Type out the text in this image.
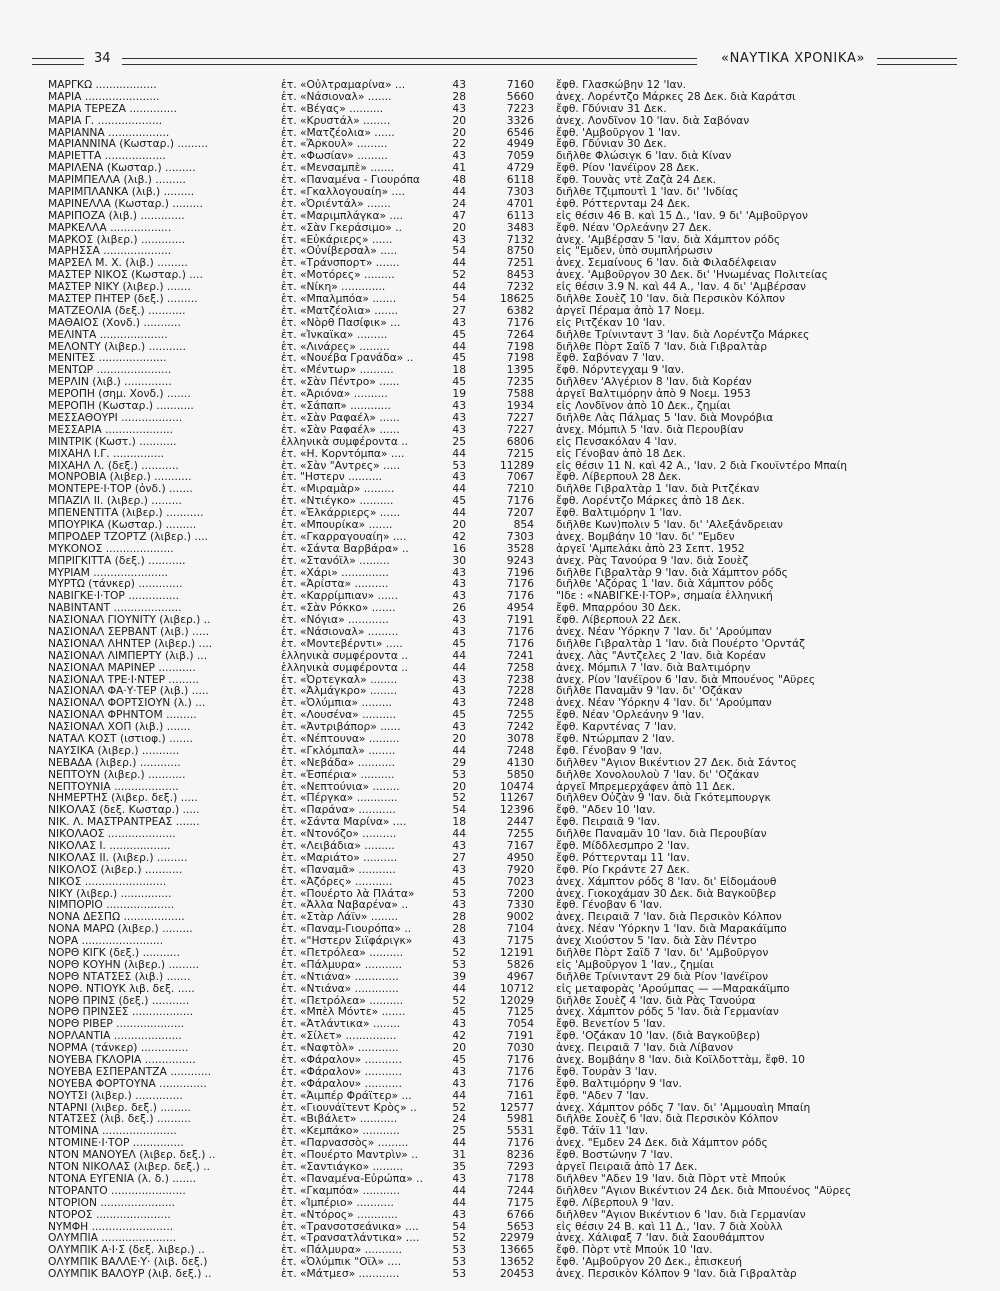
34	«ΝΑΥΤΙΚΑ ΧΡΟΝΙΚΑ»
ΜΑΡΓΚΩ ..................	ἑτ. «Οὐλτραμαρίνα» ...	43	7160 ἔφθ. Γλασκώβην 12 'Ιαν.
ΜΑΡΙΑ ......................	ἑτ. «Νάσιοναλ» .......	28	5660 ἀνεχ. Λορέντζο Μάρκες 28 Δεκ. διὰ Καράτσι
ΜΑΡΙΑ ΤΕΡΕΖΑ ..............	ἑτ. «Βέγας» ..........	43	7223 ἔφθ. Γδύνιαν 31 Δεκ.
ΜΑΡΙΑ Γ. ...................	ἑτ. «Κρυστάλ» ........	20	3326 ἀνεχ. Λονδῖνον 10 'Ιαν. διὰ Σαβόναν
ΜΑΡΙΑΝΝΑ ..................	ἑτ. «Ματζέολια» ......	20	6546 ἔφθ. 'Αμβοῦργον 1 'Ιαν.
ΜΑΡΙΑΝΝΙΝΑ (Κωσταρ.) .........	ἑτ. «Ἄρκουλ» .........	22	4949 ἔφθ. Γδύνιαν 30 Δεκ.
ΜΑΡΙΕΤΤΑ ..................	ἑτ. «Φωσίαν» .........	43	7059 διῆλθε Φλώσιγκ 6 'Ιαν. διὰ Κίναν
ΜΑΡΙΛΕΝΑ (Κωσταρ.) .........	ἑτ. «Μενσαμπὲ» .......	41	4729 ἔφθ. Ρίον 'Ιανέϊρον 28 Δεκ.
ΜΑΡΙΜΠΕΛΛΑ (λιβ.) .........	ἑτ. «Παναμένα - Γιουρόπα	48	6118 ἔφθ. Τουνὰς ντὲ Ζαζὰ 24 Δεκ.
ΜΑΡΙΜΠΛΑΝΚΑ (λιβ.) .........	ἑτ. «Γκαλλογουαίη» ....	44	7303 διῆλθε Τζιμπουτὶ 1 'Ιαν. δι' 'Ινδίας
ΜΑΡΙΝΕΛΛΑ (Κωσταρ.) .........	ἑτ. «Ὀριέντάλ» .......	24	4701 ἐφθ. Ρόττερνταμ 24 Δεκ.
ΜΑΡΙΠΟΖΑ (λιβ.) .............	ἑτ. «Μαριμπλάγκα» ....	47	6113 εἰς θέσιν 46 Β. καὶ 15 Δ., 'Ιαν. 9 δι' 'Αμβοῦργον
ΜΑΡΚΕΛΛΑ ..................	ἑτ. «Σὰν Γκεράσιμο» ..	20	3483 ἔφθ. Νέαν 'Ορλεάνην 27 Δεκ.
ΜΑΡΚΟΣ (λιβερ.) .............	ἑτ. «Εὐκάριερς» ......	43	7132 ἀνεχ. 'Αμβέρσαν 5 'Ιαν. διὰ Χάμπτον ρόδς
ΜΑΡΗΣΣΑ ....................	ἑτ. «Οὐνίβερσαλ» .....	54	8750 εἰς "Εμδεν, ὑπὸ συμπλήρωσιν
ΜΑΡΣΕΛ Μ. Χ. (λιβ.) .........	ἑτ. «Τράνσπορτ» .......	44	7251 ἀνεχ. Σεμαίνους 6 'Ιαν. διὰ Φιλαδέλφειαν
ΜΑΣΤΕΡ ΝΙΚΟΣ (Κωσταρ.) ....	ἑτ. «Μοτόρες» .........	52	8453 ἀνεχ. 'Αμβοῦργον 30 Δεκ. δι' 'Ηνωμένας Πολιτείας
ΜΑΣΤΕΡ ΝΙΚΥ (λιβερ.) .......	ἑτ. «Νίκη» .............	44	7232 εἰς θέσιν 3.9 Ν. καὶ 44 Α., 'Ιαν. 4 δι' 'Αμβέρσαν
ΜΑΣΤΕΡ ΠΗΤΕΡ (δεξ.) .........	ἑτ. «Μπαλμπόα» .......	54	18625 διῆλθε Σουὲζ 10 'Ιαν. διὰ Περσικὸν Κόλπον
ΜΑΤΖΕΟΛΙΑ (δεξ.) ...........	ἑτ. «Ματζέολια» .......	27	6382 ἀργεῖ Πέραμα ἀπὸ 17 Νοεμ.
ΜΑΘΑΙΟΣ (Χονδ.) ...........	ἑτ. «Νὸρθ Πασίφικ» ...	43	7176 εἰς Ριτζέκαν 10 'Ιαν.
ΜΕΛΙΝΤΑ ....................	ἑτ. «Ἰνκαϊκα» .........	45	7264 διῆλθε Τρίνινταντ 3 'Ιαν. διὰ Λορέντζο Μάρκες
ΜΕΛΟΝΤΥ (λιβερ.) ...........	ἑτ. «Λινάρες» .........	44	7198 διῆλθε Πὸρτ Σαΐδ 7 'Ιαν. διὰ Γιβραλτὰρ
ΜΕΝΙΤΕΣ ....................	ἑτ. «Νουέβα Γρανάδα» ..	45	7198 ἔφθ. Σαβόναν 7 'Ιαν.
ΜΕΝΤΩΡ ......................	ἑτ. «Μέντωρ» ..........	18	1395 ἔφθ. Νόρντεγχαμ 9 'Ιαν.
ΜΕΡΛΙΝ (λιβ.) ..............	ἑτ. «Σὰν Πέντρο» ......	45	7235 διῆλθεν 'Αλγέριον 8 'Ιαν. διὰ Κορέαν
ΜΕΡΟΠΗ (σημ. Χονδ.) .......	ἑτ. «Ἀριόνα» ..........	19	7588 ἀργεῖ Βαλτιμόρην ἀπὸ 9 Νοεμ. 1953
ΜΕΡΟΠΗ (Κωσταρ.) ...........	ἑτ. «Σάπαπ» ............	43	1934 εἰς Λονδῖνον ἀπὸ 10 Δεκ., ζημίαι
ΜΕΣΣΑΘΟΥΡΙ ..................	ἑτ. «Σὰν Ραφαέλ» ......	43	7227 διῆλθε Λὰς Πάλμας 5 'Ιαν. διὰ Μονρόβια
ΜΕΣΣΑΡΙΑ ....................	ἑτ. «Σὰν Ραφαέλ» ......	43	7227 ἀνεχ. Μόμπιλ 5 'Ιαν. διὰ Περουβίαν
ΜΙΝΤΡΙΚ (Κωστ.) ...........	ἑλληνικὰ συμφέροντα ..	25	6806 εἰς Πενσακόλαν 4 'Ιαν.
ΜΙΧΑΗΛ Ι.Γ. ...............	ἑτ. «Η. Κορντόμπα» ....	44	7215 εἰς Γένοβαν ἀπὸ 18 Δεκ.
ΜΙΧΑΗΛ Λ. (δεξ.) ...........	ἑτ. «Σὰν "Αντρες» .....	53	11289 εἰς θέσιν 11 Ν. καὶ 42 Α., 'Ιαν. 2 διὰ Γκουϊντέρο Μπαίη
ΜΟΝΡΟΒΙΑ (λιβερ.) ...........	ἑτ. "Ηστερν ..........	43	7067 ἔφθ. Λίβερπουλ 28 Δεκ.
ΜΟΝΤΕΡΕ·Ι·ΤΟΡ (ὀνδ.) .......	ἑτ. «Μιραμὰρ» .........	44	7210 διῆλθε Γιβραλτὰρ 1 'Ιαν. διὰ Ριτζέκαν
ΜΠΑΖΙΛ ΙΙ. (λιβερ.) .........	ἑτ. «Ντιέγκο» ..........	45	7176 ἔφθ. Λορέντζο Μάρκες ἀπὸ 18 Δεκ.
ΜΠΕΝΕΝΤΙΤΑ (λιβερ.) ...........	ἑτ. «Ἑλκάρριερς» ......	44	7207 ἔφθ. Βαλτιμόρην 1 'Ιαν.
ΜΠΟΥΡΙΚΑ (Κωσταρ.) .........	ἑτ. «Μπουρίκα» .......	20	854 διῆλθε Κων)πολιν 5 'Ιαν. δι' 'Αλεξάνδρειαν
ΜΠΡΟΔΕΡ ΤΖΟΡΤΖ (λιβερ.) ....	ἑτ. «Γκαρραγουαίη» ....	42	7303 ἀνεχ. Βομβάην 10 'Ιαν. δι' "Εμδεν
ΜΥΚΟΝΟΣ ....................	ἑτ. «Σάντα Βαρβάρα» ..	16	3528 ἀργεῖ 'Αμπελάκι ἀπὸ 23 Σεπτ. 1952
ΜΠΡΙΓΚΙΤΤΑ (δεξ.) ...........	ἑτ. «Στανόϊλ» .........	30	9243 ἀνεχ. Ρὰς Τανούρα 9 'Ιαν. διὰ Σουὲζ
ΜΥΡΙΑΜ ......................	ἑτ. «Χάρι» ..............	43	7196 διῆλθε Γιβραλτὰρ 9 'Ιαν. διὰ Χάμπτον ρόδς
ΜΥΡΤΩ (τάνκερ) .............	ἑτ. «Ἀρίστα» ..........	43	7176 διῆλθε 'Αζόρας 1 'Ιαν. διὰ Χάμπτον ρόδς
ΝΑΒΙΓΚΕ·Ι·ΤΟΡ ...............	ἑτ. «Καρρίμπιαν» ......	43	7176 "Ιδε : «ΝΑΒΙΓΚΕ·Ι·ΤΟΡ», σημαία ἑλληνική
ΝΑΒΙΝΤΑΝΤ ....................	ἑτ. «Σὰν Ρόκκο» .......	26	4954 ἔφθ. Μπαρρόου 30 Δεκ.
ΝΑΣΙΟΝΑΛ ΓΙΟΥΝΙΤΥ (λιβερ.) ..	ἑτ. «Νόγια» ............	43	7191 ἔφθ. Λίβερπουλ 22 Δεκ.
ΝΑΣΙΟΝΑΛ ΣΕΡΒΑΝΤ (λιβ.) .....	ἑτ. «Νάσιοναλ» .........	43	7176 ἀνεχ. Νέαν 'Υόρκην 7 'Ιαν. δι' 'Αρούμπαν
ΝΑΣΙΟΝΑΛ ΛΗΝΤΕΡ (λιβερ.) ....	ἑτ. «Μοντεβέρντι» .....	45	7176 διῆλθε Γιβραλτὰρ 1 'Ιαν. διὰ Πουέρτο 'Ορντάζ
ΝΑΣΙΟΝΑΛ ΛΙΜΠΕΡΤΥ (λιβ.) ...	ἑλληνικὰ συμφέροντα ..	44	7241 ἀνεχ. Λὰς "Αντζελες 2 'Ιαν. διὰ Κορέαν
ΝΑΣΙΟΝΑΛ ΜΑΡΙΝΕΡ ...........	ἑλληνικὰ συμφέροντα ..	44	7258 ἀνεχ. Μόμπιλ 7 'Ιαν. διὰ Βαλτιμόρην
ΝΑΣΙΟΝΑΛ ΤΡΕ·Ι·ΝΤΕΡ .........	ἑτ. «Ὀρτεγκαλ» ........	43	7238 ἀνεχ. Ρίον 'Ιανέϊρον 6 'Ιαν. διὰ Μπουένος "Αϋρες
ΝΑΣΙΟΝΑΛ ΦΑ·Υ·ΤΕΡ (λιβ.) .....	ἑτ. «Ἀλμάγκρο» ........	43	7228 διῆλθε Παναμᾶν 9 'Ιαν. δι' 'Οζάκαν
ΝΑΣΙΟΝΑΛ ΦΟΡΤΣΙΟΥΝ (λ.) ...	ἑτ. «Ὀλύμπια» .........	43	7248 ἀνεχ. Νέαν 'Υόρκην 4 'Ιαν. δι' 'Αρούμπαν
ΝΑΣΙΟΝΑΛ ΦΡΗΝΤΟΜ .........	ἑτ. «Λουσένα» ..........	45	7255 ἔφθ. Νέαν 'Ορλεάνην 9 'Ιαν.
ΝΑΣΙΟΝΑΛ ΧΟΠ (λιβ.) .......	ἑτ. «Ἀντριβάπορ» ......	43	7242 ἔφθ. Καρντένας 7 'Ιαν.
ΝΑΤΑΛ ΚΟΣΤ (ιστιοφ.) .......	ἑτ. «Νέπτουνα» .........	20	3078 ἔφθ. Ντώρμπαν 2 'Ιαν.
ΝΑΥΣΙΚΑ (λιβερ.) ...........	ἑτ. «Γκλόμπαλ» ........	44	7248 ἔφθ. Γένοβαν 9 'Ιαν.
ΝΕΒΑΔΑ (λιβερ.) ............	ἑτ. «Νεβάδα» ...........	29	4130 διῆλθεν "Αγιον Βικέντιον 27 Δεκ. διὰ Σάντος
ΝΕΠΤΟΥΝ (λιβερ.) ...........	ἑτ. «Ἑσπέρια» ..........	53	5850 διῆλθε Χονολουλοὺ 7 'Ιαν. δι' 'Οζάκαν
ΝΕΠΤΟΥΝΙΑ ...................	ἑτ. «Νεπτούνια» ........	20	10474 ἀργεῖ Μπρεμερχάφεν ἀπὸ 11 Δεκ.
ΝΗΜΕΡΤΗΣ (λιβερ. δεξ.) .....	ἑτ. «Πέργκα» ............	52	11267 διῆλθεν Οὐζὰν 9 'Ιαν. διὰ Γκότεμπουργκ
ΝΙΚΟΛΑΣ (δεξ. Κωσταρ.) .....	ἑτ. «Παράνα» ...........	54	12396 ἔφθ. "Αδεν 10 'Ιαν.
ΝΙΚ. Λ. ΜΑΣΤΡΑΝΤΡΕΑΣ .......	ἑτ. «Σάντα Μαρίνα» ....	18	2447 ἔφθ. Πειραιᾶ 9 'Ιαν.
ΝΙΚΟΛΑΟΣ ....................	ἑτ. «Ντονόζο» ..........	44	7255 διῆλθε Παναμᾶν 10 'Ιαν. διὰ Περουβίαν
ΝΙΚΟΛΑΣ Ι. ..................	ἑτ. «Λειβάδια» .........	43	7167 ἔφθ. Μίδδλεσμπρο 2 'Ιαν.
ΝΙΚΟΛΑΣ ΙΙ. (λιβερ.) .........	ἑτ. «Μαριάτο» ..........	27	4950 ἔφθ. Ρόττερνταμ 11 'Ιαν.
ΝΙΚΟΛΟΣ (λιβερ.) ...........	ἑτ. «Παναμᾶ» ...........	43	7920 ἔφθ. Ρίο Γκράντε 27 Δεκ.
ΝΙΚΟΣ ........................	ἑτ. «Ἀζόρες» ...........	45	7023 ἀνεχ. Χάμπτον ρόδς 8 'Ιαν. δι' Εἰδομάουθ
ΝΙΚΥ (λιβερ.) ...............	ἑτ. «Πουέρτο λὰ Πλάτα»	53	7200 ἀνεχ. Γιοκοχάμαν 30 Δεκ. διὰ Βαγκοῦβερ
ΝΙΜΠΟΡΙΟ ....................	ἑτ. «Ἀλλα Ναβαρένα» ..	43	7330 ἔφθ. Γένοβαν 6 'Ιαν.
ΝΟΝΑ ΔΕΣΠΩ ..................	ἑτ. «Στὰρ Λάϊν» ........	28	9002 ἀνεχ. Πειραιᾶ 7 'Ιαν. διὰ Περσικὸν Κόλπον
ΝΟΝΑ ΜΑΡΩ (λιβερ.) .........	ἑτ. «Παναμ-Γιουρόπα» ..	28	7104 ἀνεχ. Νέαν 'Υόρκην 1 'Ιαν. διὰ Μαρακάϊμπο
ΝΟΡΑ ........................	ἑτ. «"Ηστερν Σιϊφάριγκ»	43	7175 ἀνεχ Χιούστον 5 'Ιαν. διὰ Σὰν Πέντρο
ΝΟΡΘ ΚΙΓΚ (δεξ.) ...........	ἑτ. «Πετρόλεα» ..........	52	12191 διῆλθε Πὸρτ Σαΐδ 7 'Ιαν. δι' 'Αμβοῦργον
ΝΟΡΘ ΚΟΥΗΝ (λιβερ.) .........	ἑτ. «Πάλμυρα» ...........	53	5826 εἰς 'Αμβοῦργον 1 'Ιαν., ζημίαι
ΝΟΡΘ ΝΤΑΤΣΕΣ (λιβ.) .......	ἑτ. «Ντιάνα» .............	39	4967 διῆλθε Τρίνινταντ 29 διὰ Ρίον 'Ιανέϊρον
ΝΟΡΘ. ΝΤΙΟΥΚ λιβ. δεξ. .....	ἑτ. «Ντιάνα» .............	44	10712 εἰς μεταφορὰς 'Αρούμπας — —Μαρακάϊμπο
ΝΟΡΘ ΠΡΙΝΣ (δεξ.) ...........	ἑτ. «Πετρόλεα» ..........	52	12029 διῆλθε Σουὲζ 4 'Ιαν. διὰ Ρὰς Τανούρα
ΝΟΡΘ ΠΡΙΝΣΕΣ ..................	ἑτ. «Μπὲλ Μόντε» .......	45	7125 ἀνεχ. Χάμπτον ρόδς 5 'Ιαν. διὰ Γερμανίαν
ΝΟΡΘ ΡΙΒΕΡ ....................	ἑτ. «Ἀτλάντικα» ........	43	7054 ἔφθ. Βενετίον 5 'Ιαν.
ΝΟΡΛΑΝΤΙΑ ....................	ἑτ. «Σίλετ» ...............	42	7191 ἔφθ. 'Οζάκαν 10 'Ιαν. (διὰ Βαγκοῦβερ)
ΝΟΡΜΑ (τάνκερ) ..............	ἑτ. «Ναφτὸλ» ............	20	7030 ἀνεχ. Πειραιᾶ 7 'Ιαν. διὰ Λίβανον
ΝΟΥΕΒΑ ΓΚΛΟΡΙΑ ...............	ἑτ. «Φάραλον» ...........	45	7176 ἀνεχ. Βομβάην 8 'Ιαν. διὰ Κοϊλδοττὰμ, ἔφθ. 10
ΝΟΥΕΒΑ ΕΣΠΕΡΑΝΤΖΑ ............	ἑτ. «Φάραλον» ...........	43	7176 ἔφθ. Τουρὰν 3 'Ιαν.
ΝΟΥΕΒΑ ΦΟΡΤΟΥΝΑ ..............	ἑτ. «Φάραλον» ...........	43	7176 ἔφθ. Βαλτιμόρην 9 'Ιαν.
ΝΟΥΤΣΙ (λιβερ.) ..............	ἑτ. «Ἀιμπέρ Φράϊτερ» ...	44	7161 ἔφθ. "Αδεν 7 'Ιαν.
ΝΤΑΡΝΙ (λιβερ. δεξ.) .........	ἑτ. «Γιουνάϊτεντ Κρὸς» ..	52	12577 ἀνεχ. Χάμπτον ρόδς 7 'Ιαν. δι' 'Αμμουαὶη Μπαίη
ΝΤΑΤΣΕΣ (λιβ. δεξ.) ..........	ἑτ. «Βιβάλετ» ...........	24	5981 διῆλθε Σουὲζ 6 'Ιαν. διὰ Περσικὸν Κόλπον
ΝΤΟΜΙΝΑ ......................	ἑτ. «Κεμπάκο» ...........	25	5531 ἔφθ. Τάϊν 11 'Ιαν.
ΝΤΟΜΙΝΕ·Ι·ΤΟΡ ...............	ἑτ. «Παρνασσὸς» .........	44	7176 ἀνεχ. "Εμδεν 24 Δεκ. διὰ Χάμπτον ρόδς
ΝΤΟΝ ΜΑΝΟΥΕΛ (λιβερ. δεξ.) ..	ἑτ. «Πουέρτο Μαντρὶν» ..	31	8236 ἔφθ. Βοστώνην 7 'Ιαν.
ΝΤΟΝ ΝΙΚΟΛΑΣ (λιβερ. δεξ.) ..	ἑτ. «Σαντιάγκο» .........	35	7293 ἀργεῖ Πειραιᾶ ἀπὸ 17 Δεκ.
ΝΤΟΝΑ ΕΥΓΕΝΙΑ (λ. δ.) .......	ἑτ. «Παναμένα-Εὐρώπα» ..	43	7178 διῆλθεν "Αδεν 19 'Ιαν. διὰ Πὸρτ ντὲ Μπούκ
ΝΤΟΡΑΝΤΟ ......................	ἑτ. «Γκαμπόα» ...........	44	7244 διῆλθεν "Αγιον Βικέντιον 24 Δεκ. διὰ Μπουένος "Αϋρες
ΝΤΟΡΙΟΝ ......................	ἑτ. «Ἰμπέριο» ...........	44	7175 ἔφθ. Λίβερπουλ 9 'Ιαν.
ΝΤΟΡΟΣ ......................	ἑτ. «Ντόρος» ............	43	6766 διῆλθεν "Αγιον Βικέντιον 6 'Ιαν. διὰ Γερμανίαν
ΝΥΜΦΗ ........................	ἑτ. «Τρανσοτσεάνικα» ....	54	5653 εἰς θέσιν 24 Β. καὶ 11 Δ., 'Ιαν. 7 διὰ Χοὺλλ
ΟΛΥΜΠΙΑ ......................	ἑτ. «Τρανσατλάντικα» ....	52	22979 ἀνεχ. Χάλιφαξ 7 'Ιαν. διὰ Σαουθάμπτον
ΟΛΥΜΠΙΚ Α·Ι·Σ (δεξ. λιβερ.) ..	ἑτ. «Πάλμυρα» ...........	53	13665 ἔφθ. Πὸρτ ντὲ Μπούκ 10 'Ιαν.
ΟΛΥΜΠΙΚ ΒΑΛΛΕ·Υ· (λιβ. δεξ.)	ἑτ. «Ὀλύμπικ "Οϊλ» ....	53	13652 ἔφθ. 'Αμβοῦργον 20 Δεκ., ἐπισκευή
ΟΛΥΜΠΙΚ ΒΑΛΟΥΡ (λιβ. δεξ.) ..	ἑτ. «Μάτμεσ» ............	53	20453 ἀνεχ. Περσικὸν Κόλπον 9 'Ιαν. διὰ Γιβραλτὰρ
